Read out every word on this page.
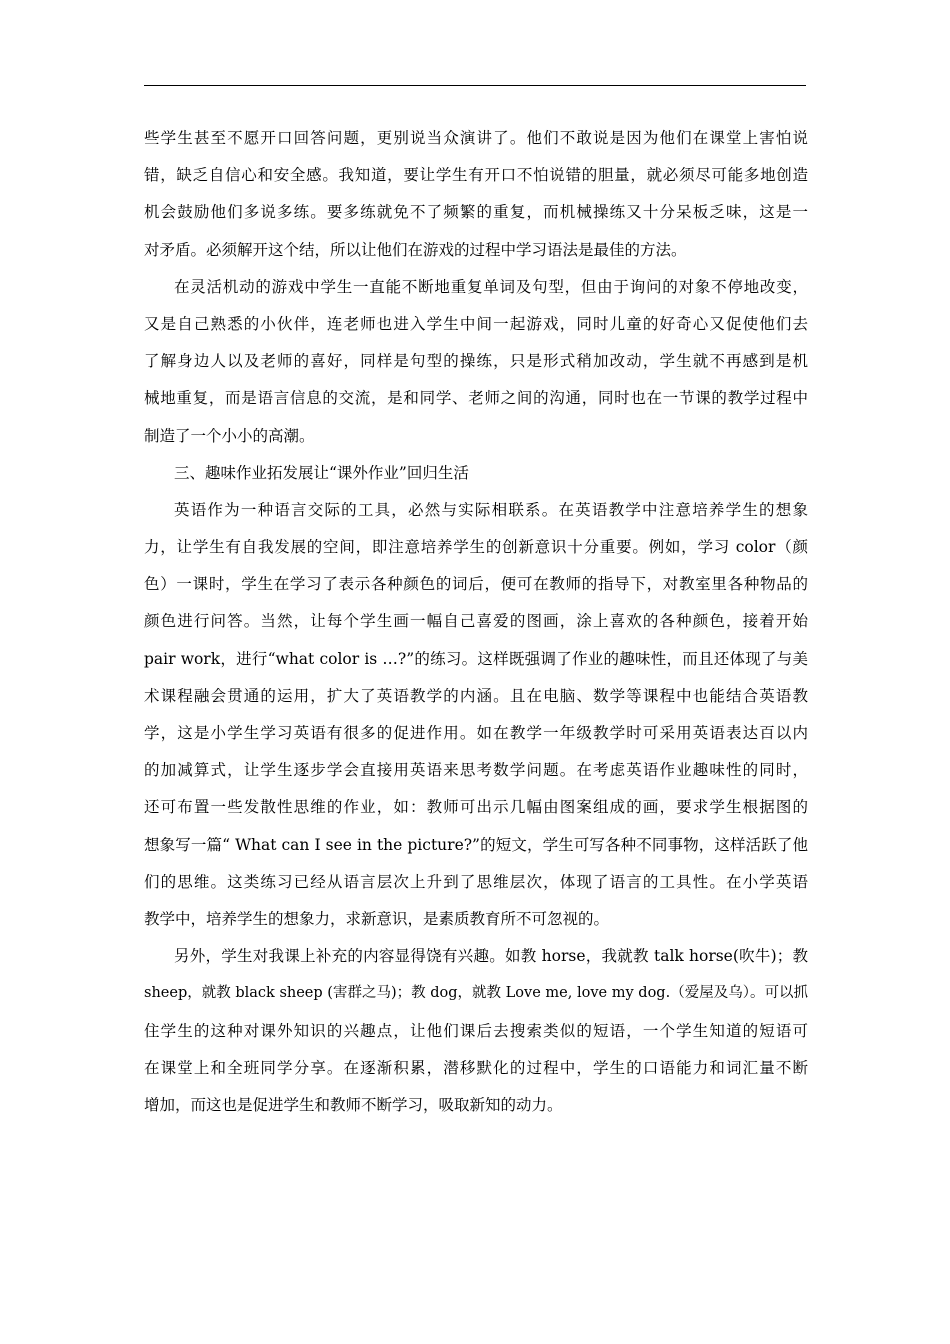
些学生甚至不愿开口回答问题，更别说当众演讲了。他们不敢说是因为他们在课堂上害怕说
错，缺乏自信心和安全感。我知道，要让学生有开口不怕说错的胆量，就必须尽可能多地创造
机会鼓励他们多说多练。要多练就免不了频繁的重复，而机械操练又十分呆板乏味，这是一
对矛盾。必须解开这个结，所以让他们在游戏的过程中学习语法是最佳的方法。
在灵活机动的游戏中学生一直能不断地重复单词及句型，但由于询问的对象不停地改变，
又是自己熟悉的小伙伴，连老师也进入学生中间一起游戏，同时儿童的好奇心又促使他们去
了解身边人以及老师的喜好，同样是句型的操练，只是形式稍加改动，学生就不再感到是机
械地重复，而是语言信息的交流，是和同学、老师之间的沟通，同时也在一节课的教学过程中
制造了一个小小的高潮。
三、趣味作业拓发展让“课外作业”回归生活
英语作为一种语言交际的工具，必然与实际相联系。在英语教学中注意培养学生的想象
力，让学生有自我发展的空间，即注意培养学生的创新意识十分重要。例如，学习 color（颜
色）一课时，学生在学习了表示各种颜色的词后，便可在教师的指导下，对教室里各种物品的
颜色进行问答。当然，让每个学生画一幅自己喜爱的图画，涂上喜欢的各种颜色，接着开始
pair work，进行“what color is …?”的练习。这样既强调了作业的趣味性，而且还体现了与美
术课程融会贯通的运用，扩大了英语教学的内涵。且在电脑、数学等课程中也能结合英语教
学，这是小学生学习英语有很多的促进作用。如在教学一年级教学时可采用英语表达百以内
的加减算式，让学生逐步学会直接用英语来思考数学问题。在考虑英语作业趣味性的同时，
还可布置一些发散性思维的作业，如：教师可出示几幅由图案组成的画，要求学生根据图的
想象写一篇“ What can I see in the picture?”的短文，学生可写各种不同事物，这样活跃了他
们的思维。这类练习已经从语言层次上升到了思维层次，体现了语言的工具性。在小学英语
教学中，培养学生的想象力，求新意识，是素质教育所不可忽视的。
另外，学生对我课上补充的内容显得饶有兴趣。如教 horse，我就教 talk horse(吹牛)；教
sheep，就教 black sheep (害群之马)；教 dog，就教 Love me, love my dog.（爱屋及乌）。可以抓
住学生的这种对课外知识的兴趣点，让他们课后去搜索类似的短语，一个学生知道的短语可
在课堂上和全班同学分享。在逐渐积累，潜移默化的过程中，学生的口语能力和词汇量不断
增加，而这也是促进学生和教师不断学习，吸取新知的动力。
